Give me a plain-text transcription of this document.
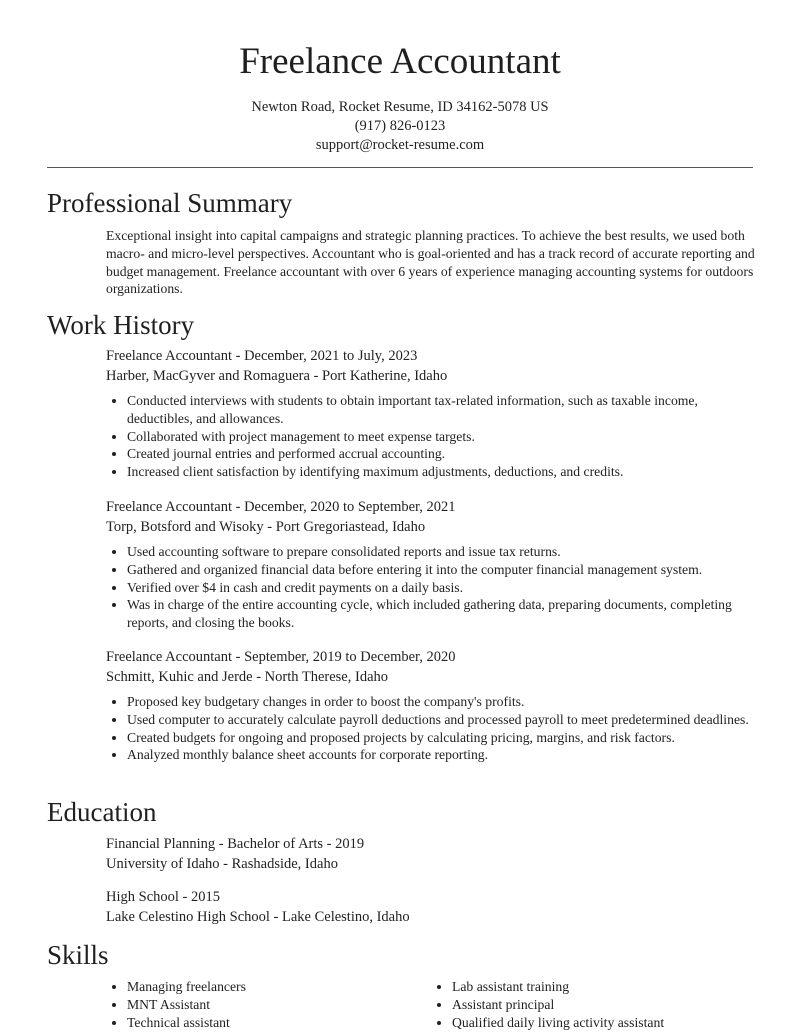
Freelance Accountant
Newton Road, Rocket Resume, ID 34162-5078 US
(917) 826-0123
support@rocket-resume.com
Professional Summary
Exceptional insight into capital campaigns and strategic planning practices. To achieve the best results, we used both macro- and micro-level perspectives. Accountant who is goal-oriented and has a track record of accurate reporting and budget management. Freelance accountant with over 6 years of experience managing accounting systems for outdoors organizations.
Work History
Freelance Accountant - December, 2021 to July, 2023
Harber, MacGyver and Romaguera - Port Katherine, Idaho
• Conducted interviews with students to obtain important tax-related information, such as taxable income, deductibles, and allowances.
• Collaborated with project management to meet expense targets.
• Created journal entries and performed accrual accounting.
• Increased client satisfaction by identifying maximum adjustments, deductions, and credits.
Freelance Accountant - December, 2020 to September, 2021
Torp, Botsford and Wisoky - Port Gregoriastead, Idaho
• Used accounting software to prepare consolidated reports and issue tax returns.
• Gathered and organized financial data before entering it into the computer financial management system.
• Verified over $4 in cash and credit payments on a daily basis.
• Was in charge of the entire accounting cycle, which included gathering data, preparing documents, completing reports, and closing the books.
Freelance Accountant - September, 2019 to December, 2020
Schmitt, Kuhic and Jerde - North Therese, Idaho
• Proposed key budgetary changes in order to boost the company's profits.
• Used computer to accurately calculate payroll deductions and processed payroll to meet predetermined deadlines.
• Created budgets for ongoing and proposed projects by calculating pricing, margins, and risk factors.
• Analyzed monthly balance sheet accounts for corporate reporting.
Education
Financial Planning - Bachelor of Arts - 2019
University of Idaho - Rashadside, Idaho
High School - 2015
Lake Celestino High School - Lake Celestino, Idaho
Skills
• Managing freelancers
• MNT Assistant
• Technical assistant
• Lab assistant training
• Assistant principal
• Qualified daily living activity assistant
